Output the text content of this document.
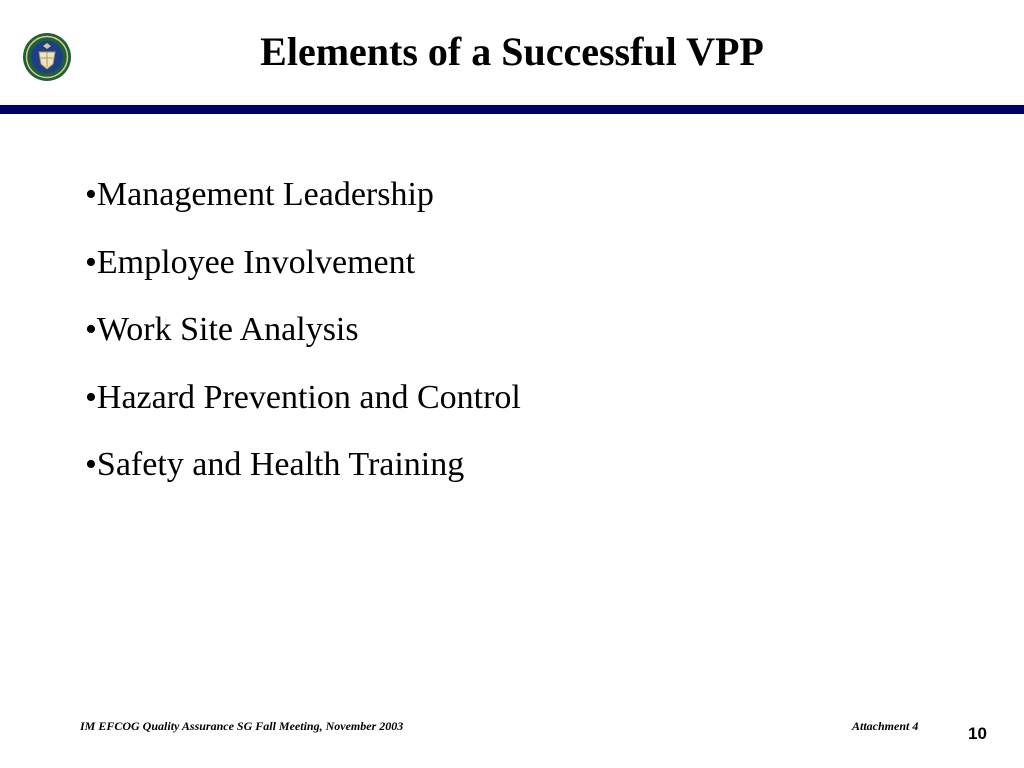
Elements of a Successful VPP
•Management Leadership
•Employee Involvement
•Work Site Analysis
•Hazard Prevention and Control
•Safety and Health Training
IM EFCOG Quality Assurance SG Fall Meeting, November 2003	Attachment 4	10
